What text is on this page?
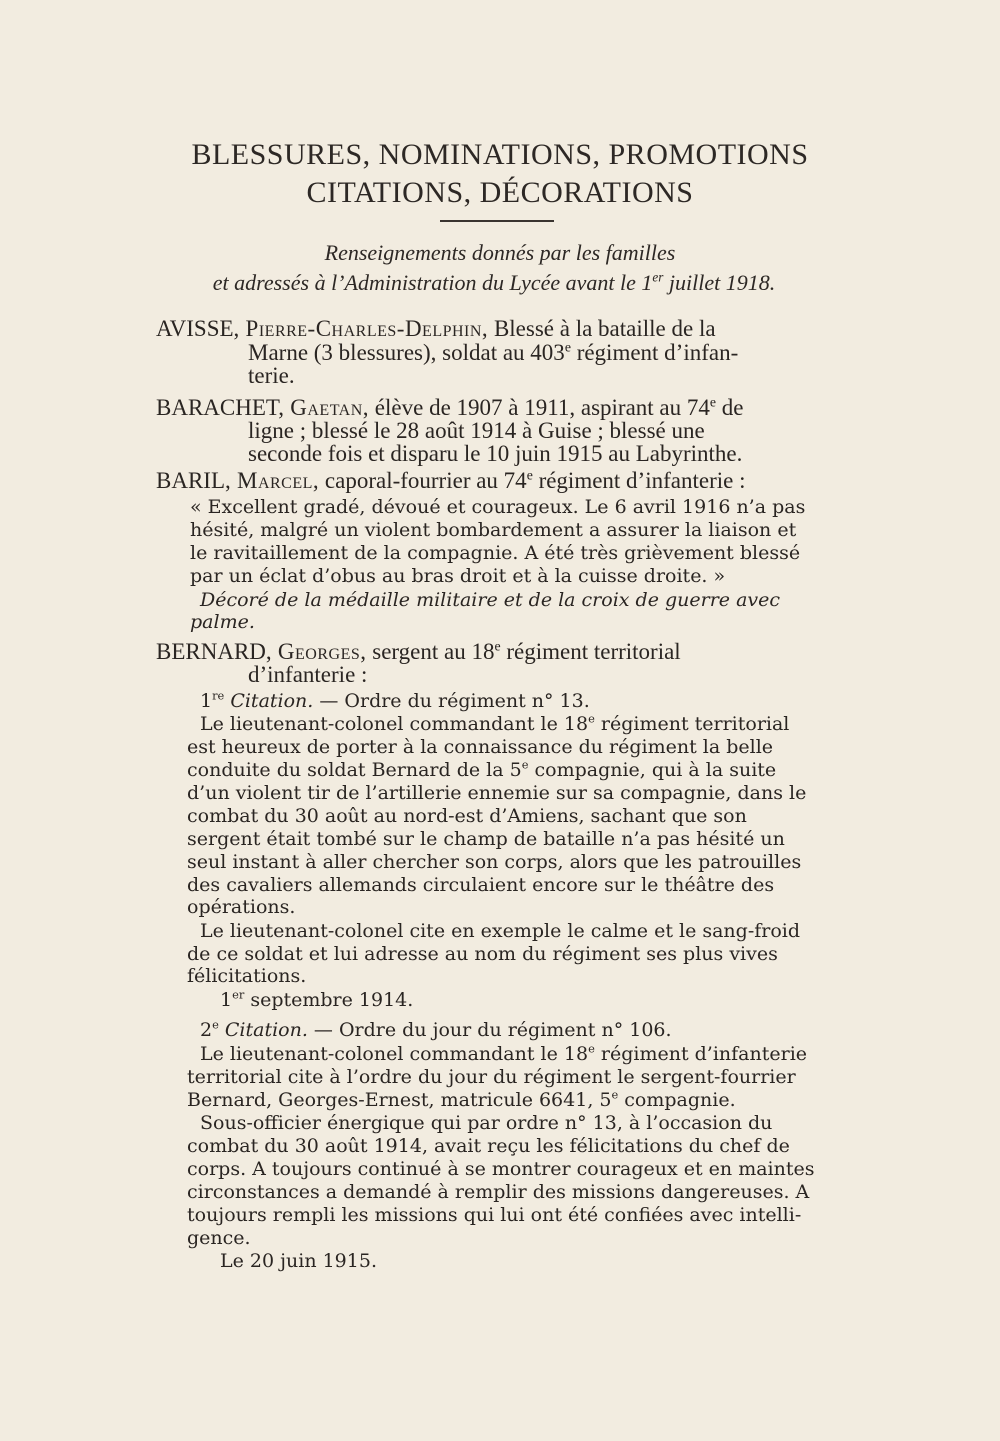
BLESSURES, NOMINATIONS, PROMOTIONS
CITATIONS, DÉCORATIONS
Renseignements donnés par les familles
et adressés à l’Administration du Lycée avant le 1er juillet 1918.
AVISSE, Pierre-Charles-Delphin, Blessé à la bataille de la
Marne (3 blessures), soldat au 403e régiment d’infan-
terie.
BARACHET, Gaetan, élève de 1907 à 1911, aspirant au 74e de
ligne ; blessé le 28 août 1914 à Guise ; blessé une
seconde fois et disparu le 10 juin 1915 au Labyrinthe.
BARIL, Marcel, caporal-fourrier au 74e régiment d’infanterie :
« Excellent gradé, dévoué et courageux. Le 6 avril 1916 n’a pas
hésité, malgré un violent bombardement a assurer la liaison et
le ravitaillement de la compagnie. A été très grièvement blessé
par un éclat d’obus au bras droit et à la cuisse droite. »
Décoré de la médaille militaire et de la croix de guerre avec
palme.
BERNARD, Georges, sergent au 18e régiment territorial
d’infanterie :
1re Citation. — Ordre du régiment n° 13.
Le lieutenant-colonel commandant le 18e régiment territorial
est heureux de porter à la connaissance du régiment la belle
conduite du soldat Bernard de la 5e compagnie, qui à la suite
d’un violent tir de l’artillerie ennemie sur sa compagnie, dans le
combat du 30 août au nord-est d’Amiens, sachant que son
sergent était tombé sur le champ de bataille n’a pas hésité un
seul instant à aller chercher son corps, alors que les patrouilles
des cavaliers allemands circulaient encore sur le théâtre des
opérations.
Le lieutenant-colonel cite en exemple le calme et le sang-froid
de ce soldat et lui adresse au nom du régiment ses plus vives
félicitations.
1er septembre 1914.
2e Citation. — Ordre du jour du régiment n° 106.
Le lieutenant-colonel commandant le 18e régiment d’infanterie
territorial cite à l’ordre du jour du régiment le sergent-fourrier
Bernard, Georges-Ernest, matricule 6641, 5e compagnie.
Sous-officier énergique qui par ordre n° 13, à l’occasion du
combat du 30 août 1914, avait reçu les félicitations du chef de
corps. A toujours continué à se montrer courageux et en maintes
circonstances a demandé à remplir des missions dangereuses. A
toujours rempli les missions qui lui ont été confiées avec intelli-
gence.
Le 20 juin 1915.
